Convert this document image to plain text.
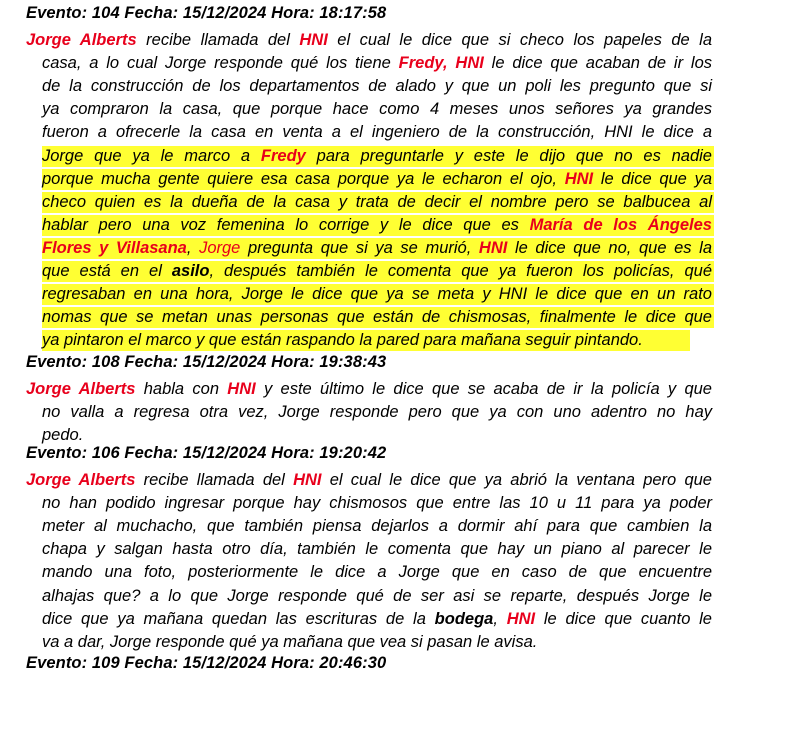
Evento: 104 Fecha: 15/12/2024 Hora: 18:17:58
Jorge Alberts recibe llamada del HNI el cual le dice que si checo los papeles de la
casa, a lo cual Jorge responde qué los tiene Fredy, HNI le dice que acaban de ir los
de la construcción de los departamentos de alado y que un poli les pregunto que si
ya compraron la casa, que porque hace como 4 meses unos señores ya grandes
fueron a ofrecerle la casa en venta a el ingeniero de la construcción, HNI le dice a
Jorge que ya le marco a Fredy para preguntarle y este le dijo que no es nadie
porque mucha gente quiere esa casa porque ya le echaron el ojo, HNI le dice que ya
checo quien es la dueña de la casa y trata de decir el nombre pero se balbucea al
hablar pero una voz femenina lo corrige y le dice que es María de los Ángeles
Flores y Villasana, Jorge pregunta que si ya se murió, HNI le dice que no, que es la
que está en el asilo, después también le comenta que ya fueron los policías, qué
regresaban en una hora, Jorge le dice que ya se meta y HNI le dice que en un rato
nomas que se metan unas personas que están de chismosas, finalmente le dice que
ya pintaron el marco y que están raspando la pared para mañana seguir pintando.
Evento: 108 Fecha: 15/12/2024 Hora: 19:38:43
Jorge Alberts habla con HNI y este último le dice que se acaba de ir la policía y que
no valla a regresa otra vez, Jorge responde pero que ya con uno adentro no hay
pedo.
Evento: 106 Fecha: 15/12/2024 Hora: 19:20:42
Jorge Alberts recibe llamada del HNI el cual le dice que ya abrió la ventana pero que
no han podido ingresar porque hay chismosos que entre las 10 u 11 para ya poder
meter al muchacho, que también piensa dejarlos a dormir ahí para que cambien la
chapa y salgan hasta otro día, también le comenta que hay un piano al parecer le
mando una foto, posteriormente le dice a Jorge que en caso de que encuentre
alhajas que? a lo que Jorge responde qué de ser asi se reparte, después Jorge le
dice que ya mañana quedan las escrituras de la bodega, HNI le dice que cuanto le
va a dar, Jorge responde qué ya mañana que vea si pasan le avisa.
Evento: 109 Fecha: 15/12/2024 Hora: 20:46:30
